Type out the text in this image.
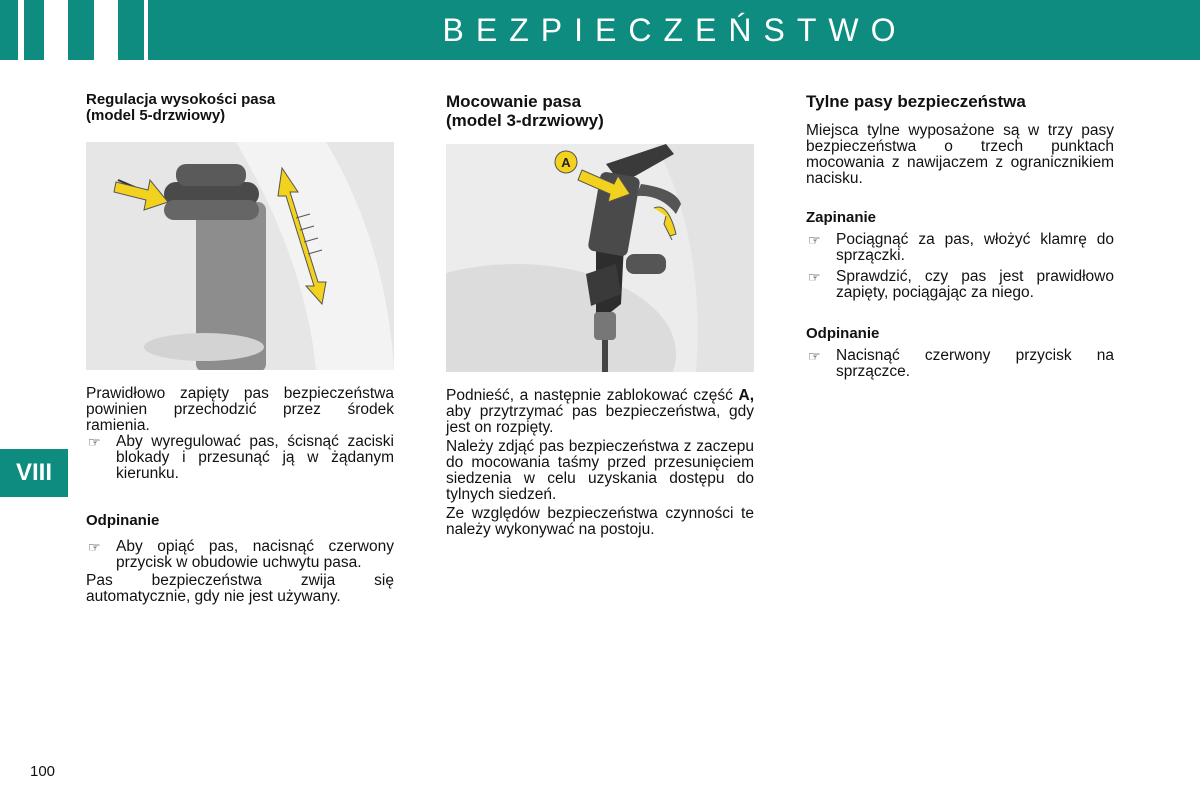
BEZPIECZEŃSTWO
Regulacja wysokości pasa
(model 5-drzwiowy)

Prawidłowo zapięty pas bezpieczeństwa powinien przechodzić przez środek ramienia.

☞ Aby wyregulować pas, ścisnąć zaciski blokady i przesunąć ją w żądanym kierunku.

Odpinanie

☞ Aby opiąć pas, nacisnąć czerwony przycisk w obudowie uchwytu pasa.

Pas bezpieczeństwa zwija się automatycznie, gdy nie jest używany.

Mocowanie pasa
(model 3-drzwiowy)
A

Podnieść, a następnie zablokować część A, aby przytrzymać pas bezpieczeństwa, gdy jest on rozpięty.

Należy zdjąć pas bezpieczeństwa z zaczepu do mocowania taśmy przed przesunięciem siedzenia w celu uzyskania dostępu do tylnych siedzeń.

Ze względów bezpieczeństwa czynności te należy wykonywać na postoju.

Tylne pasy bezpieczeństwa

Miejsca tylne wyposażone są w trzy pasy bezpieczeństwa o trzech punktach mocowania z nawijaczem z ogranicznikiem nacisku.

Zapinanie

☞ Pociągnąć za pas, włożyć klamrę do sprzączki.

☞ Sprawdzić, czy pas jest prawidłowo zapięty, pociągając za niego.

Odpinanie

☞ Nacisnąć czerwony przycisk na sprzączce.

VIII
100
